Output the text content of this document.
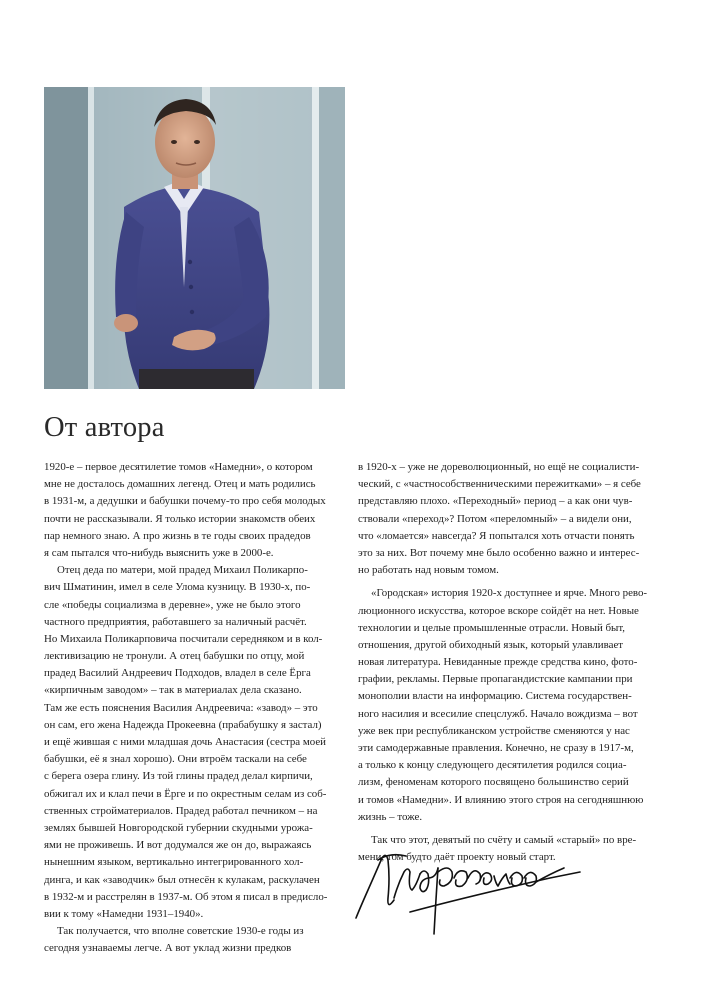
От автора
1920-е – первое десятилетие томов «Намедни», о котором
мне не досталось домашних легенд. Отец и мать родились
в 1931-м, а дедушки и бабушки почему-то про себя молодых
почти не рассказывали. Я только истории знакомств обеих
пар немного знаю. А про жизнь в те годы своих прадедов
я сам пытался что-нибудь выяснить уже в 2000-е.
Отец деда по матери, мой прадед Михаил Поликарпо-
вич Шматинин, имел в селе Улома кузницу. В 1930-х, по-
сле «победы социализма в деревне», уже не было этого
частного предприятия, работавшего за наличный расчёт.
Но Михаила Поликарповича посчитали середняком и в кол-
лективизацию не тронули. А отец бабушки по отцу, мой
прадед Василий Андреевич Подходов, владел в селе Ёрга
«кирпичным заводом» – так в материалах дела сказано.
Там же есть пояснения Василия Андреевича: «завод» – это
он сам, его жена Надежда Прокеевна (прабабушку я застал)
и ещё жившая с ними младшая дочь Анастасия (сестра моей
бабушки, её я знал хорошо). Они втроём таскали на себе
с берега озера глину. Из той глины прадед делал кирпичи,
обжигал их и клал печи в Ёрге и по окрестным селам из соб-
ственных стройматериалов. Прадед работал печником – на
землях бывшей Новгородской губернии скудными урожа-
ями не проживешь. И вот додумался же он до, выражаясь
нынешним языком, вертикально интегрированного хол-
динга, и как «заводчик» был отнесён к кулакам, раскулачен
в 1932-м и расстрелян в 1937-м. Об этом я писал в предисло-
вии к тому «Намедни 1931–1940».
Так получается, что вполне советские 1930-е годы из
сегодня узнаваемы легче. А вот уклад жизни предков
в 1920-х – уже не дореволюционный, но ещё не социалисти-
ческий, с «частнособственническими пережитками» – я себе
представляю плохо. «Переходный» период – а как они чув-
ствовали «переход»? Потом «переломный» – а видели они,
что «ломается» навсегда? Я попытался хоть отчасти понять
это за них. Вот почему мне было особенно важно и интерес-
но работать над новым томом.
«Городская» история 1920-х доступнее и ярче. Много рево-
люционного искусства, которое вскоре сойдёт на нет. Новые
технологии и целые промышленные отрасли. Новый быт,
отношения, другой обиходный язык, который улавливает
новая литература. Невиданные прежде средства кино, фото-
графии, рекламы. Первые пропагандистские кампании при
монополии власти на информацию. Система государствен-
ного насилия и всесилие спецслужб. Начало вождизма – вот
уже век при республиканском устройстве сменяются у нас
эти самодержавные правления. Конечно, не сразу в 1917-м,
а только к концу следующего десятилетия родился социа-
лизм, феноменам которого посвящено большинство серий
и томов «Намедни». И влиянию этого строя на сегодняшнюю
жизнь – тоже.
Так что этот, девятый по счёту и самый «старый» по вре-
мени, том будто даёт проекту новый старт.
